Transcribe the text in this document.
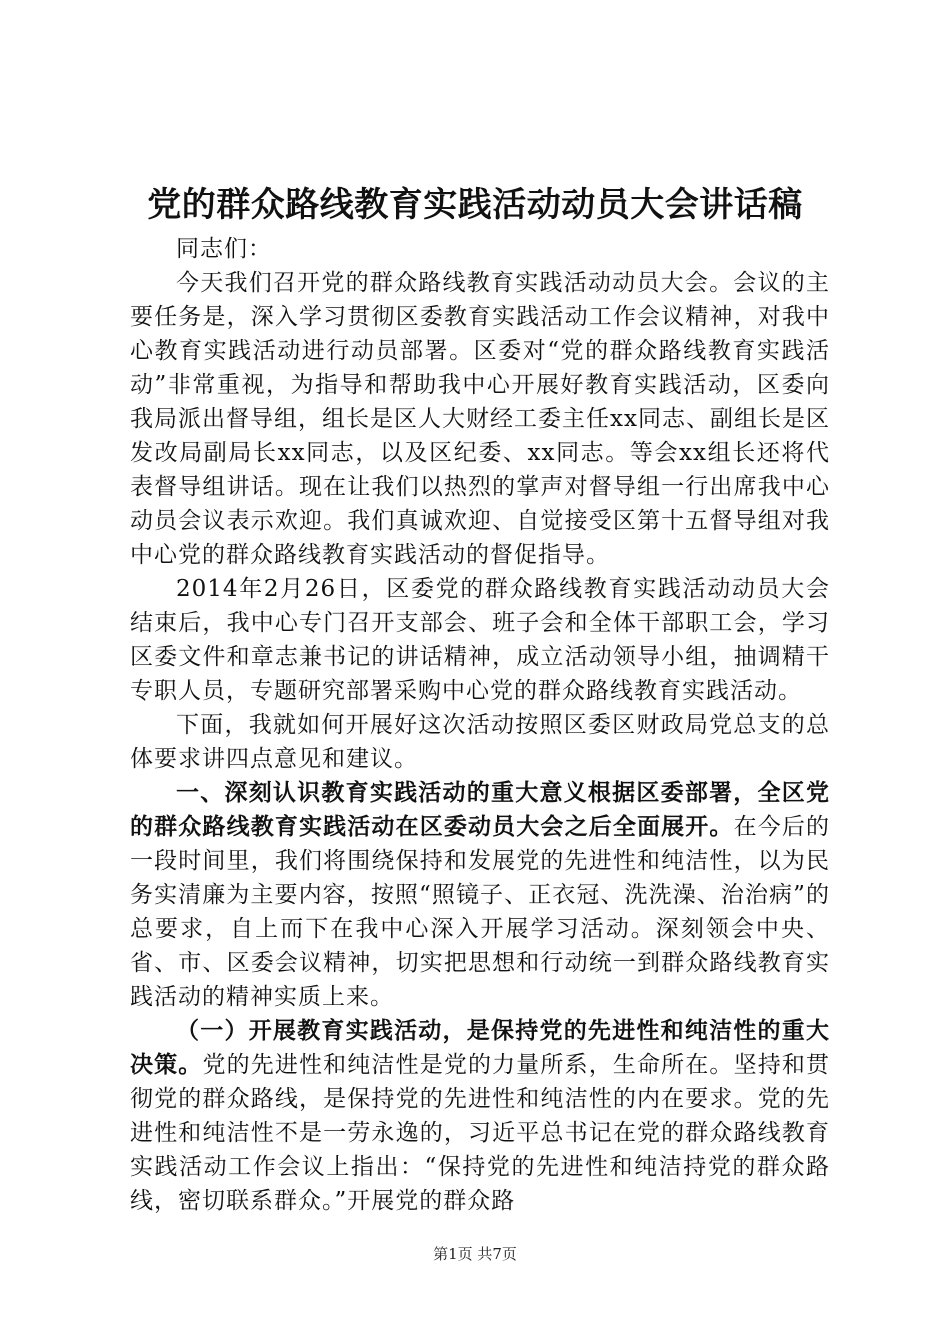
党的群众路线教育实践活动动员大会讲话稿

同志们：

今天我们召开党的群众路线教育实践活动动员大会。会议的主要任务是，深入学习贯彻区委教育实践活动工作会议精神，对我中心教育实践活动进行动员部署。区委对“党的群众路线教育实践活动”非常重视，为指导和帮助我中心开展好教育实践活动，区委向我局派出督导组，组长是区人大财经工委主任xx同志、副组长是区发改局副局长xx同志，以及区纪委、xx同志。等会xx组长还将代表督导组讲话。现在让我们以热烈的掌声对督导组一行出席我中心动员会议表示欢迎。我们真诚欢迎、自觉接受区第十五督导组对我中心党的群众路线教育实践活动的督促指导。

2014年2月26日，区委党的群众路线教育实践活动动员大会结束后，我中心专门召开支部会、班子会和全体干部职工会，学习区委文件和章志兼书记的讲话精神，成立活动领导小组，抽调精干专职人员，专题研究部署采购中心党的群众路线教育实践活动。

下面，我就如何开展好这次活动按照区委区财政局党总支的总体要求讲四点意见和建议。

一、深刻认识教育实践活动的重大意义根据区委部署，全区党的群众路线教育实践活动在区委动员大会之后全面展开。在今后的一段时间里，我们将围绕保持和发展党的先进性和纯洁性，以为民务实清廉为主要内容，按照“照镜子、正衣冠、洗洗澡、治治病”的总要求，自上而下在我中心深入开展学习活动。深刻领会中央、省、市、区委会议精神，切实把思想和行动统一到群众路线教育实践活动的精神实质上来。

（一）开展教育实践活动，是保持党的先进性和纯洁性的重大决策。党的先进性和纯洁性是党的力量所系，生命所在。坚持和贯彻党的群众路线，是保持党的先进性和纯洁性的内在要求。党的先进性和纯洁性不是一劳永逸的，习近平总书记在党的群众路线教育实践活动工作会议上指出：“保持党的先进性和纯洁持党的群众路线，密切联系群众。”开展党的群众路

第1页 共7页
